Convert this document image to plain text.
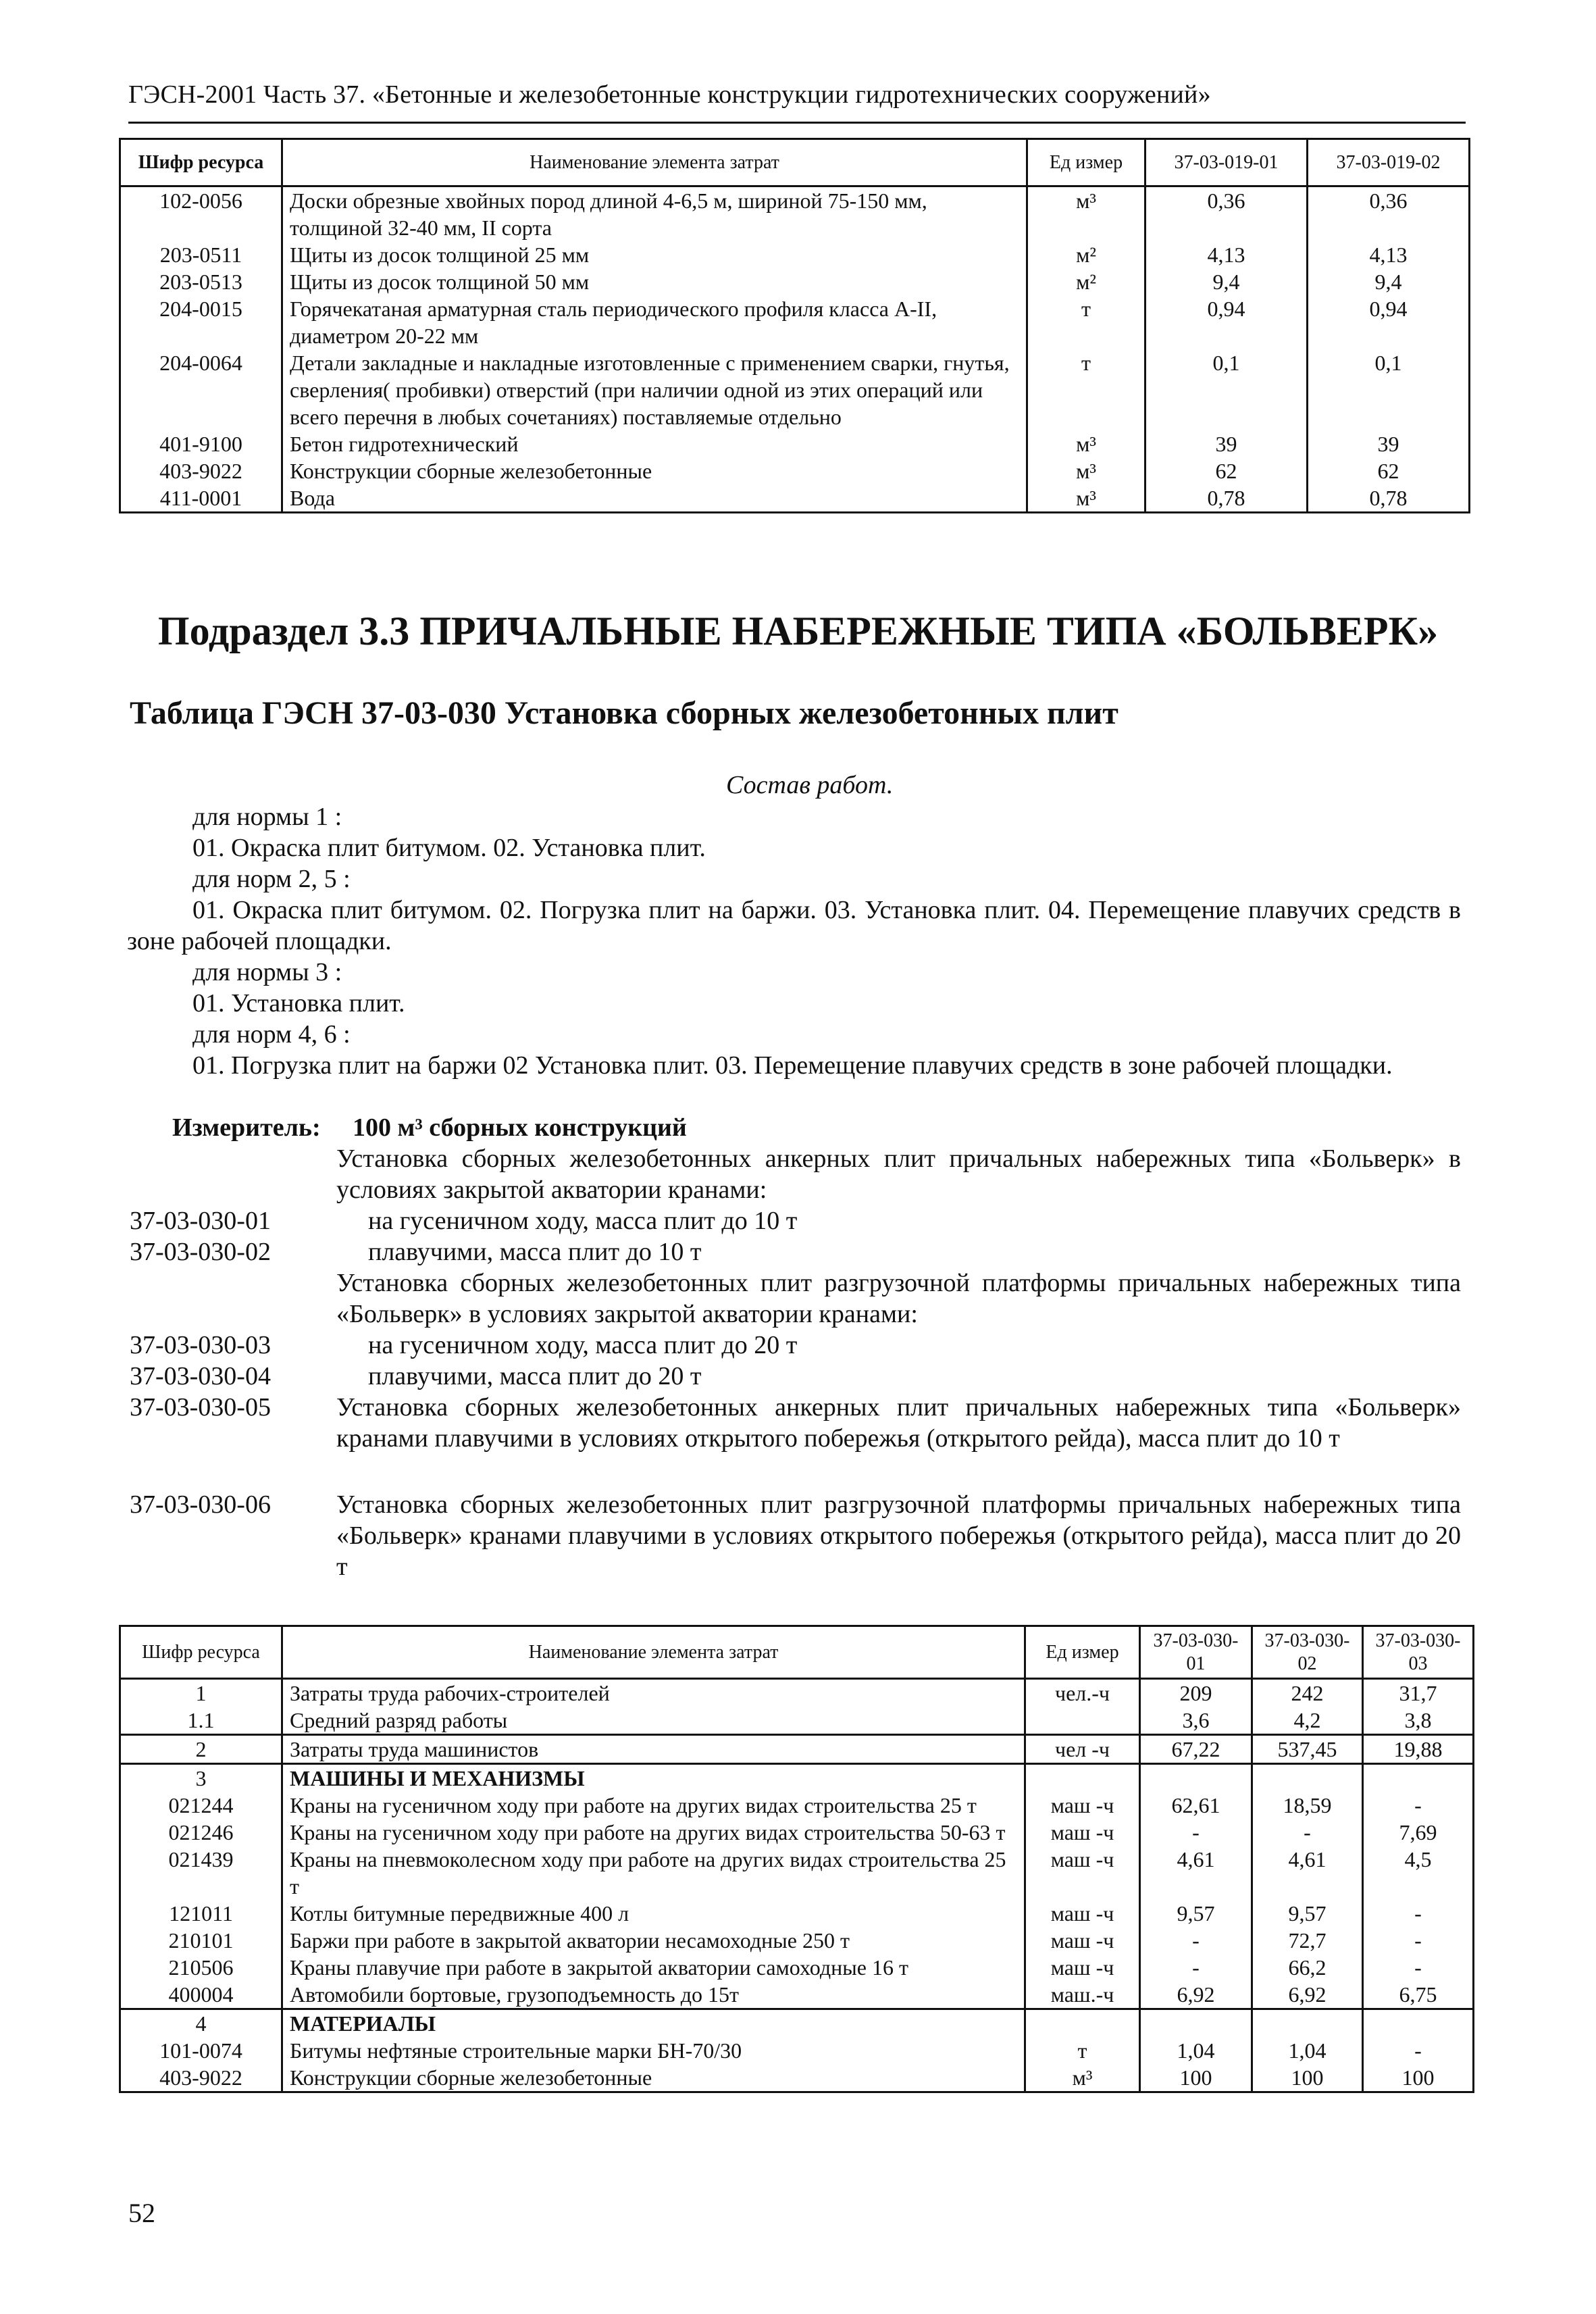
ГЭСН-2001 Часть 37. «Бетонные и железобетонные конструкции гидротехнических сооружений»
Шифр ресурса	Наименование элемента затрат	Ед измер	37-03-019-01	37-03-019-02
102-0056	Доски обрезные хвойных пород длиной 4-6,5 м, шириной 75-150 мм, толщиной 32-40 мм, II сорта	м³	0,36	0,36
203-0511	Щиты из досок толщиной 25 мм	м²	4,13	4,13
203-0513	Щиты из досок толщиной 50 мм	м²	9,4	9,4
204-0015	Горячекатаная арматурная сталь периодического профиля класса А-II, диаметром 20-22 мм	т	0,94	0,94
204-0064	Детали закладные и накладные изготовленные с применением сварки, гнутья, сверления( пробивки) отверстий (при наличии одной из этих операций или всего перечня в любых сочетаниях) поставляемые отдельно	т	0,1	0,1
401-9100	Бетон гидротехнический	м³	39	39
403-9022	Конструкции сборные железобетонные	м³	62	62
411-0001	Вода	м³	0,78	0,78
Подраздел 3.3 ПРИЧАЛЬНЫЕ НАБЕРЕЖНЫЕ ТИПА «БОЛЬВЕРК»
Таблица ГЭСН 37-03-030 Установка сборных железобетонных плит
Состав работ.
для нормы 1 :
01. Окраска плит битумом. 02. Установка плит.
для норм 2, 5 :
01. Окраска плит битумом. 02. Погрузка плит на баржи. 03. Установка плит. 04. Перемещение плавучих средств в зоне рабочей площадки.
для нормы 3 :
01. Установка плит.
для норм 4, 6 :
01. Погрузка плит на баржи 02 Установка плит. 03. Перемещение плавучих средств в зоне рабочей площадки.
Измеритель: 100 м³ сборных конструкций
Установка сборных железобетонных анкерных плит причальных набережных типа «Больверк» в условиях закрытой акватории кранами:
37-03-030-01	на гусеничном ходу, масса плит до 10 т
37-03-030-02	плавучими, масса плит до 10 т
Установка сборных железобетонных плит разгрузочной платформы причальных набережных типа «Больверк» в условиях закрытой акватории кранами:
37-03-030-03	на гусеничном ходу, масса плит до 20 т
37-03-030-04	плавучими, масса плит до 20 т
37-03-030-05	Установка сборных железобетонных анкерных плит причальных набережных типа «Больверк» кранами плавучими в условиях открытого побережья (открытого рейда), масса плит до 10 т
37-03-030-06	Установка сборных железобетонных плит разгрузочной платформы причальных набережных типа «Больверк» кранами плавучими в условиях открытого побережья (открытого рейда), масса плит до 20 т
Шифр ресурса	Наименование элемента затрат	Ед измер	37-03-030-01	37-03-030-02	37-03-030-03
1	Затраты труда рабочих-строителей	чел.-ч	209	242	31,7
1.1	Средний разряд работы		3,6	4,2	3,8
2	Затраты труда машинистов	чел -ч	67,22	537,45	19,88
3	МАШИНЫ И МЕХАНИЗМЫ				
021244	Краны на гусеничном ходу при работе на других видах строительства 25 т	маш -ч	62,61	18,59	-
021246	Краны на гусеничном ходу при работе на других видах строительства 50-63 т	маш -ч	-	-	7,69
021439	Краны на пневмоколесном ходу при работе на других видах строительства 25 т	маш -ч	4,61	4,61	4,5
121011	Котлы битумные передвижные 400 л	маш -ч	9,57	9,57	-
210101	Баржи при работе в закрытой акватории несамоходные 250 т	маш -ч	-	72,7	-
210506	Краны плавучие при работе в закрытой акватории самоходные 16 т	маш -ч	-	66,2	-
400004	Автомобили бортовые, грузоподъемность до 15т	маш.-ч	6,92	6,92	6,75
4	МАТЕРИАЛЫ				
101-0074	Битумы нефтяные строительные марки БН-70/30	т	1,04	1,04	-
403-9022	Конструкции сборные железобетонные	м³	100	100	100
52
